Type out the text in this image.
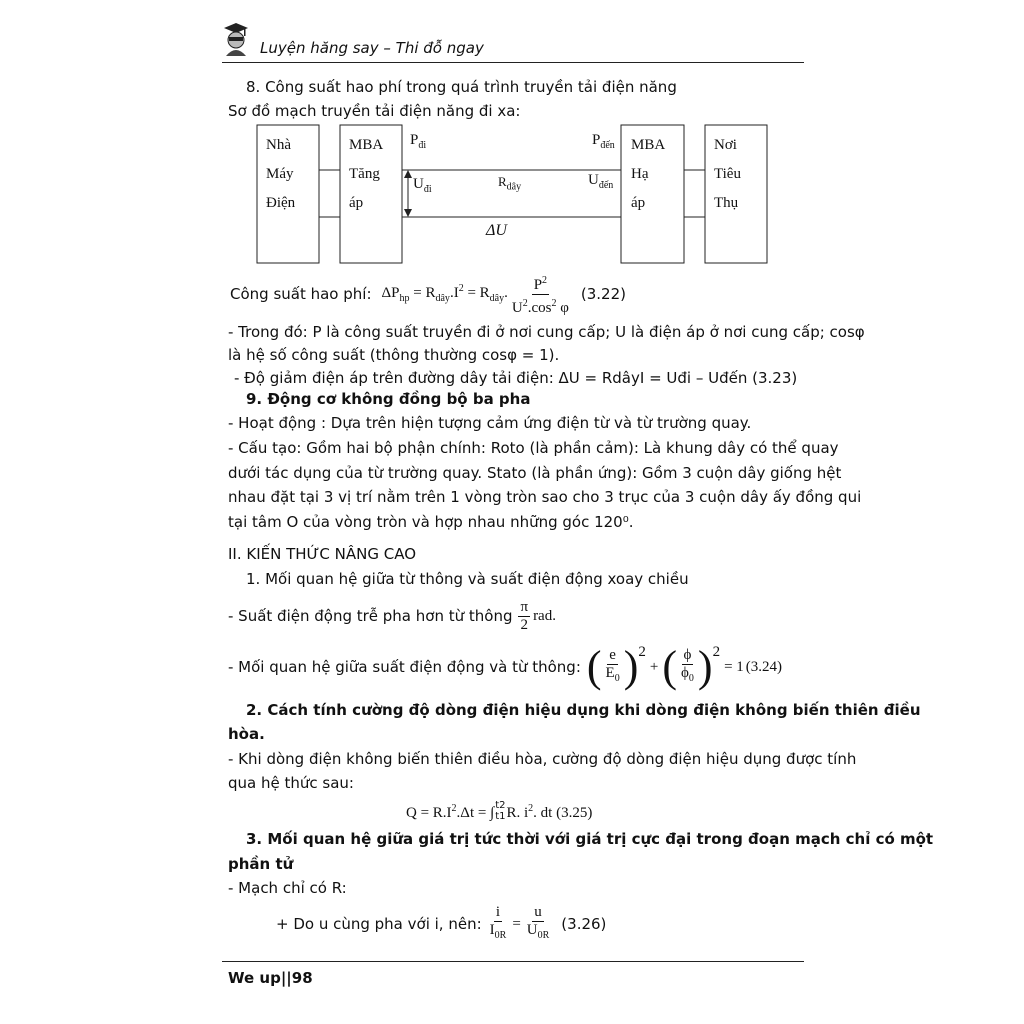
Luyện hăng say – Thi đỗ ngay
8. Công suất hao phí trong quá trình truyền tải điện năng
Sơ đồ mạch truyền tải điện năng đi xa:
Nhà
Máy
Điện
MBA
Tăng
áp
MBA
Hạ
áp
Nơi
Tiêu
Thụ
$P_{đi}$	$P_{đến}$
$U_{đi}$
$R_{dây}$	$U_{đến}$
ΔU
Công suất hao phí: $\Delta P_{hp} = R_{dây}.I^2 = R_{dây}$. $\frac{P^2}{U^2.\cos^2 \varphi} (3.22)$
- Trong đó: P là công suất truyền đi ở nơi cung cấp; U là điện áp ở nơi cung cấp; cosφ
là hệ số công suất (thông thường cosφ = 1).
- Độ giảm điện áp trên đường dây tải điện: ΔU = RdâyI = Uđi – Uđến (3.23)
9. Động cơ không đồng bộ ba pha
- Hoạt động : Dựa trên hiện tượng cảm ứng điện từ và từ trường quay.
- Cấu tạo: Gồm hai bộ phận chính: Roto (là phần cảm): Là khung dây có thể quay
dưới tác dụng của từ trường quay. Stato (là phần ứng): Gồm 3 cuộn dây giống hệt
nhau đặt tại 3 vị trí nằm trên 1 vòng tròn sao cho 3 trục của 3 cuộn dây ấy đồng qui
tại tâm O của vòng tròn và hợp nhau những góc 120⁰.
II. KIẾN THỨC NÂNG CAO
1. Mối quan hệ giữa từ thông và suất điện động xoay chiều
- Suất điện động trễ pha hơn từ thông $\frac{\pi}{2}$ rad.
- Mối quan hệ giữa suất điện động và từ thông: ( $\frac{e}{E_0}$ ) 2
+ ( $\frac{\phi}{\phi_0}$ ) 2
= 1 (3.24)
2. Cách tính cường độ dòng điện hiệu dụng khi dòng điện không biến thiên điều
hòa.
- Khi dòng điện không biến thiên điều hòa, cường độ dòng điện hiệu dụng được tính
qua hệ thức sau:
$Q = R.I^2.\Delta t$ = ∫ t2
t1 R. $i^2$. dt (3.25)
3. Mối quan hệ giữa giá trị tức thời với giá trị cực đại trong đoạn mạch chỉ có một
phần tử
- Mạch chỉ có R:
+ Do u cùng pha với i, nên: $\frac{i}{I_{0R}} = \frac{u}{U_{0R}} (3.26)$
We up||98
